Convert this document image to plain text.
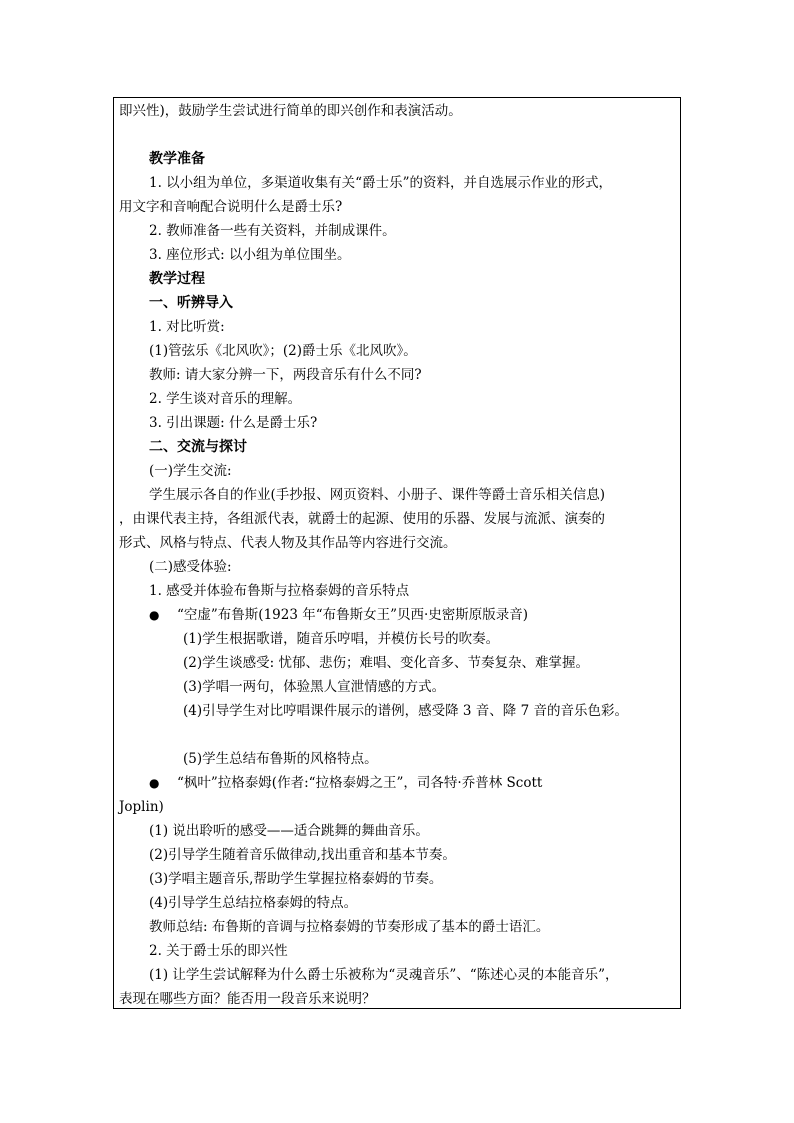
即兴性)，鼓励学生尝试进行简单的即兴创作和表演活动。
教学准备
1. 以小组为单位，多渠道收集有关“爵士乐”的资料，并自选展示作业的形式，
用文字和音响配合说明什么是爵士乐?
2. 教师准备一些有关资料，并制成课件。
3. 座位形式: 以小组为单位围坐。
教学过程
一、听辨导入
1. 对比听赏:
(1)管弦乐《北风吹》；(2)爵士乐《北风吹》。
教师: 请大家分辨一下，两段音乐有什么不同?
2. 学生谈对音乐的理解。
3. 引出课题: 什么是爵士乐?
二、交流与探讨
(一)学生交流:
学生展示各自的作业(手抄报、网页资料、小册子、课件等爵士音乐相关信息)
，由课代表主持，各组派代表，就爵士的起源、使用的乐器、发展与流派、演奏的
形式、风格与特点、代表人物及其作品等内容进行交流。
(二)感受体验:
1. 感受并体验布鲁斯与拉格泰姆的音乐特点
● “空虚”布鲁斯(1923 年“布鲁斯女王”贝西·史密斯原版录音)
(1)学生根据歌谱，随音乐哼唱，并模仿长号的吹奏。
(2)学生谈感受: 忧郁、悲伤；难唱、变化音多、节奏复杂、难掌握。
(3)学唱一两句，体验黑人宣泄情感的方式。
(4)引导学生对比哼唱课件展示的谱例，感受降 3 音、降 7 音的音乐色彩。
(5)学生总结布鲁斯的风格特点。
● “枫叶”拉格泰姆(作者:“拉格泰姆之王”，司各特·乔普林 Scott
Joplin)
(1) 说出聆听的感受——适合跳舞的舞曲音乐。
(2)引导学生随着音乐做律动,找出重音和基本节奏。
(3)学唱主题音乐,帮助学生掌握拉格泰姆的节奏。
(4)引导学生总结拉格泰姆的特点。
教师总结: 布鲁斯的音调与拉格泰姆的节奏形成了基本的爵士语汇。
2. 关于爵士乐的即兴性
(1) 让学生尝试解释为什么爵士乐被称为“灵魂音乐”、“陈述心灵的本能音乐”，
表现在哪些方面？能否用一段音乐来说明？
